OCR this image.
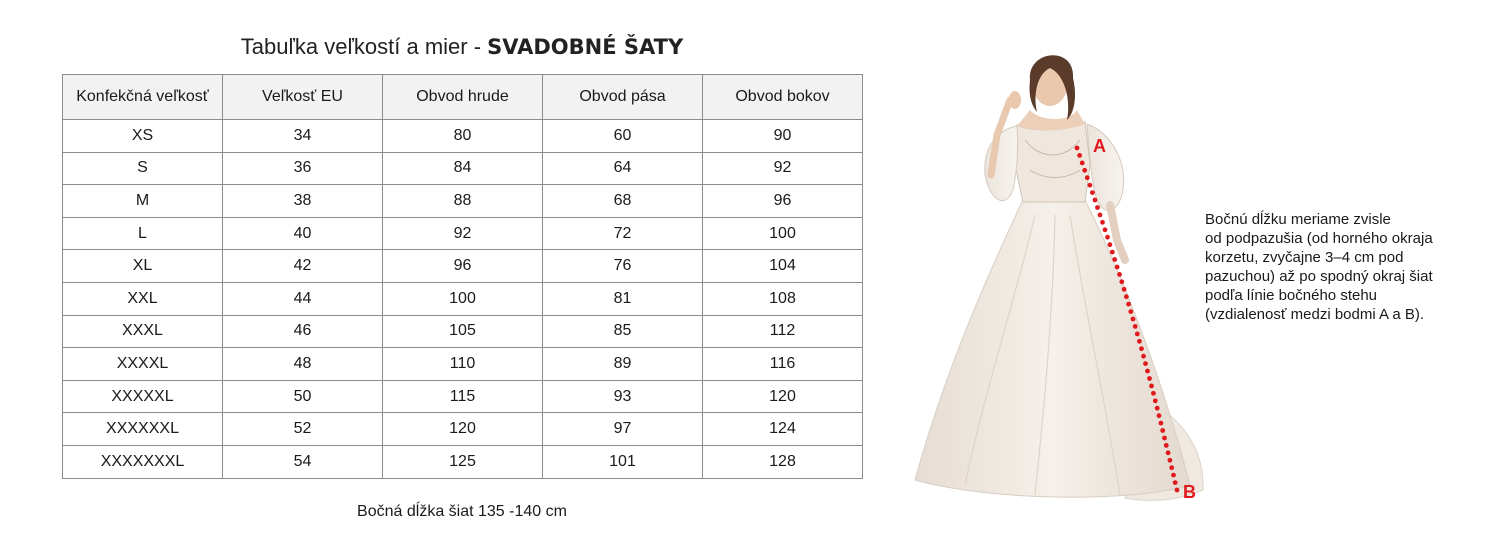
Tabuľka veľkostí a mier - SVADOBNÉ ŠATY
Konfekčná veľkosť	Veľkosť EU	Obvod hrude	Obvod pása	Obvod bokov
XS	34	80	60	90
S	36	84	64	92
M	38	88	68	96
L	40	92	72	100
XL	42	96	76	104
XXL	44	100	81	108
XXXL	46	105	85	112
XXXXL	48	110	89	116
XXXXXL	50	115	93	120
XXXXXXL	52	120	97	124
XXXXXXXL	54	125	101	128
Bočná dĺžka šiat 135 -140 cm
A
B
Bočnú dĺžku meriame zvisle
od podpazušia (od horného okraja
korzetu, zvyčajne 3–4 cm pod
pazuchou) až po spodný okraj šiat
podľa línie bočného stehu
(vzdialenosť medzi bodmi A a B).
